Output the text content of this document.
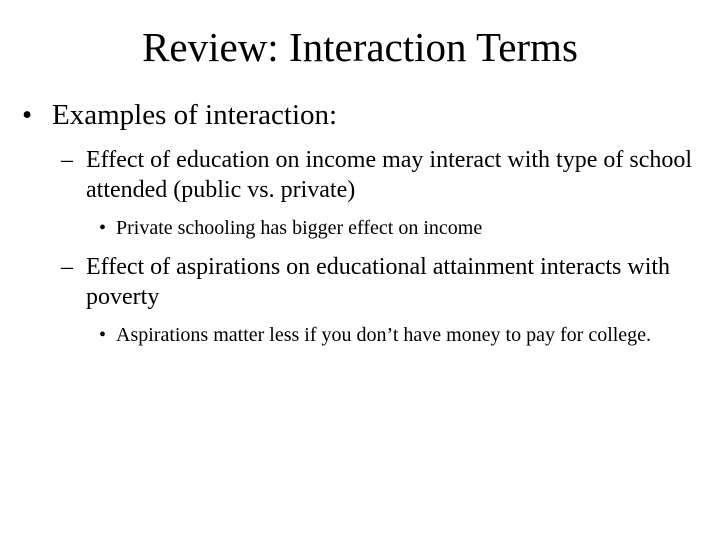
Review: Interaction Terms
• Examples of interaction:
– Effect of education on income may interact with type of school attended (public vs. private)
• Private schooling has bigger effect on income
– Effect of aspirations on educational attainment interacts with poverty
• Aspirations matter less if you don’t have money to pay for college.
